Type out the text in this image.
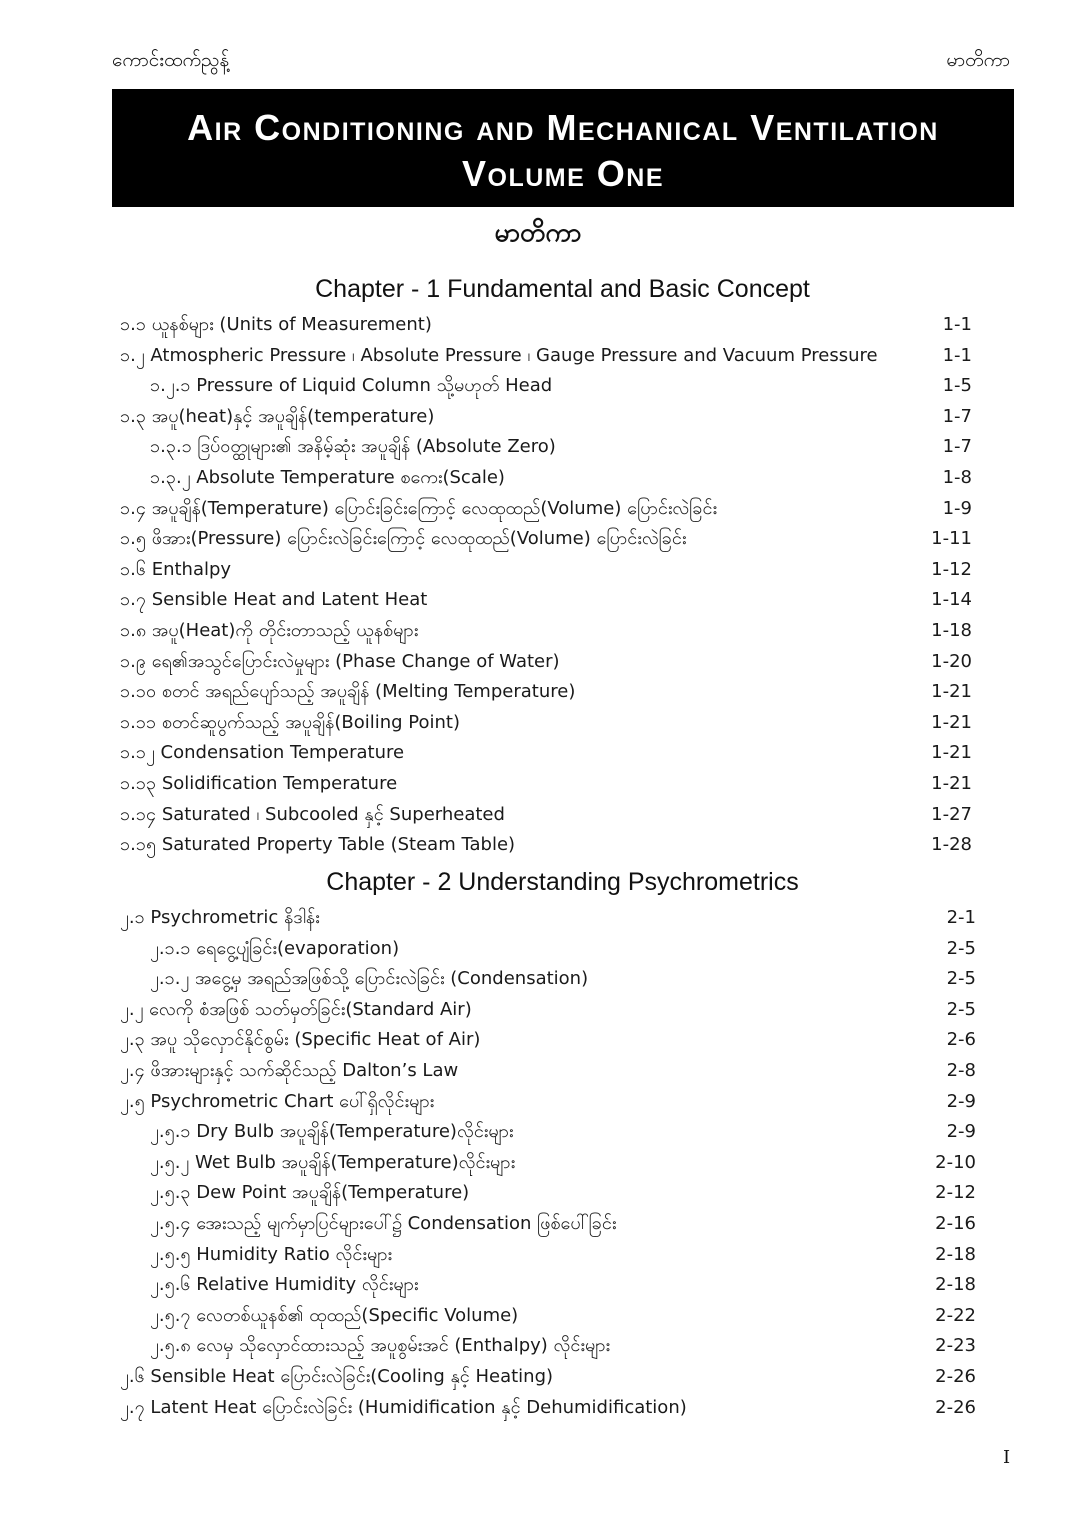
ကောင်းထက်ညွန့်	မာတိကာ
Air Conditioning and Mechanical Ventilation
Volume One
မာတိကာ
Chapter - 1 Fundamental and Basic Concept
၁.၁ ယူနစ်များ (Units of Measurement)	1-1
၁.၂ Atmospheric Pressure ၊ Absolute Pressure ၊ Gauge Pressure and Vacuum Pressure	1-1
၁.၂.၁ Pressure of Liquid Column သို့မဟုတ် Head	1-5
၁.၃ အပူ(heat)နှင့် အပူချိန်(temperature)	1-7
၁.၃.၁ ဒြပ်ဝတ္ထုများ၏ အနိမ့်ဆုံး အပူချိန် (Absolute Zero)	1-7
၁.၃.၂ Absolute Temperature စကေး(Scale)	1-8
၁.၄ အပူချိန်(Temperature) ပြောင်းခြင်းကြောင့် လေထုထည်(Volume) ပြောင်းလဲခြင်း	1-9
၁.၅ ဖိအား(Pressure) ပြောင်းလဲခြင်းကြောင့် လေထုထည်(Volume) ပြောင်းလဲခြင်း	1-11
၁.၆ Enthalpy	1-12
၁.၇ Sensible Heat and Latent Heat	1-14
၁.၈ အပူ(Heat)ကို တိုင်းတာသည့် ယူနစ်များ	1-18
၁.၉ ရေ၏အသွင်ပြောင်းလဲမှုများ (Phase Change of Water)	1-20
၁.၁၀ စတင် အရည်ပျော်သည့် အပူချိန် (Melting Temperature)	1-21
၁.၁၁ စတင်ဆူပွက်သည့် အပူချိန်(Boiling Point)	1-21
၁.၁၂ Condensation Temperature	1-21
၁.၁၃ Solidification Temperature	1-21
၁.၁၄ Saturated ၊ Subcooled နှင့် Superheated	1-27
၁.၁၅ Saturated Property Table (Steam Table)	1-28
Chapter - 2 Understanding Psychrometrics
၂.၁ Psychrometric နိဒါန်း	2-1
၂.၁.၁ ရေငွေ့ပျံခြင်း(evaporation)	2-5
၂.၁.၂ အငွေ့မှ အရည်အဖြစ်သို့ ပြောင်းလဲခြင်း (Condensation)	2-5
၂.၂ လေကို စံအဖြစ် သတ်မှတ်ခြင်း(Standard Air)	2-5
၂.၃ အပူ သိုလှောင်နိုင်စွမ်း (Specific Heat of Air)	2-6
၂.၄ ဖိအားများနှင့် သက်ဆိုင်သည့် Dalton’s Law	2-8
၂.၅ Psychrometric Chart ပေါ်ရှိလိုင်းများ	2-9
၂.၅.၁ Dry Bulb အပူချိန်(Temperature)လိုင်းများ	2-9
၂.၅.၂ Wet Bulb အပူချိန်(Temperature)လိုင်းများ	2-10
၂.၅.၃ Dew Point အပူချိန်(Temperature)	2-12
၂.၅.၄ အေးသည့် မျက်မှာပြင်များပေါ်၌ Condensation ဖြစ်ပေါ်ခြင်း	2-16
၂.၅.၅ Humidity Ratio လိုင်းများ	2-18
၂.၅.၆ Relative Humidity လိုင်းများ	2-18
၂.၅.၇ လေတစ်ယူနစ်၏ ထုထည်(Specific Volume)	2-22
၂.၅.၈ လေမှ သိုလှောင်ထားသည့် အပူစွမ်းအင် (Enthalpy) လိုင်းများ	2-23
၂.၆ Sensible Heat ပြောင်းလဲခြင်း(Cooling နှင့် Heating)	2-26
၂.၇ Latent Heat ပြောင်းလဲခြင်း (Humidification နှင့် Dehumidification)	2-26
I
